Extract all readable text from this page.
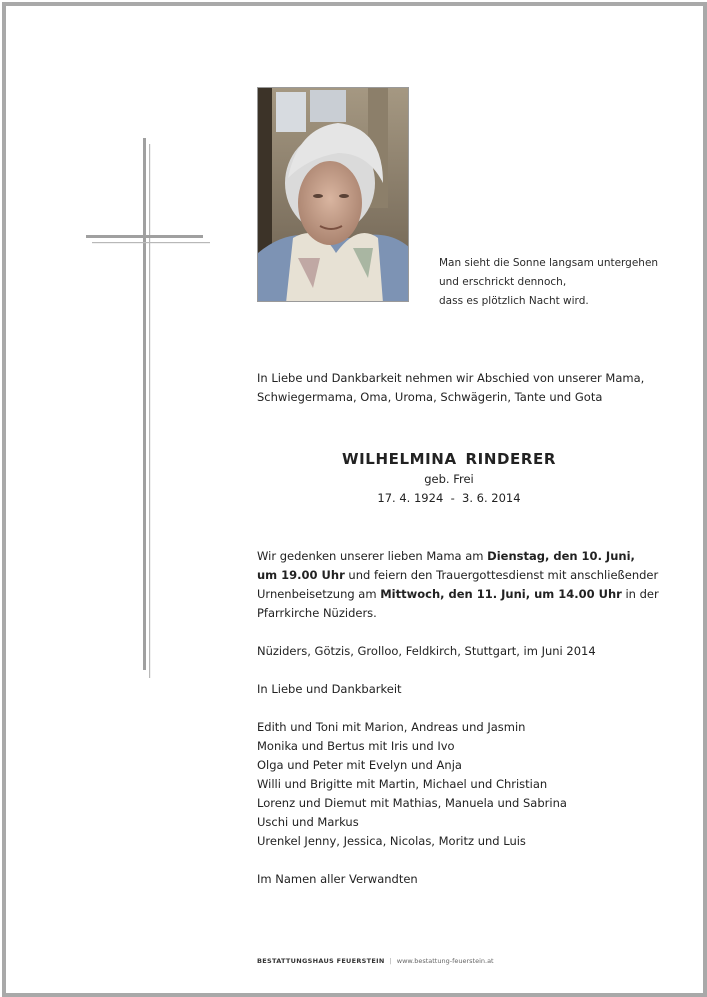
Man sieht die Sonne langsam untergehen
und erschrickt dennoch,
dass es plötzlich Nacht wird.
In Liebe und Dankbarkeit nehmen wir Abschied von unserer Mama,
Schwiegermama, Oma, Uroma, Schwägerin, Tante und Gota
WILHELMINA RINDERER
geb. Frei
17. 4. 1924  -  3. 6. 2014
Wir gedenken unserer lieben Mama am Dienstag, den 10. Juni,
um 19.00 Uhr und feiern den Trauergottesdienst mit anschließender
Urnenbeisetzung am Mittwoch, den 11. Juni, um 14.00 Uhr in der
Pfarrkirche Nüziders.
Nüziders, Götzis, Grolloo, Feldkirch, Stuttgart, im Juni 2014
In Liebe und Dankbarkeit
Edith und Toni mit Marion, Andreas und Jasmin
Monika und Bertus mit Iris und Ivo
Olga und Peter mit Evelyn und Anja
Willi und Brigitte mit Martin, Michael und Christian
Lorenz und Diemut mit Mathias, Manuela und Sabrina
Uschi und Markus
Urenkel Jenny, Jessica, Nicolas, Moritz und Luis
Im Namen aller Verwandten
BESTATTUNGSHAUS FEUERSTEIN | www.bestattung-feuerstein.at
